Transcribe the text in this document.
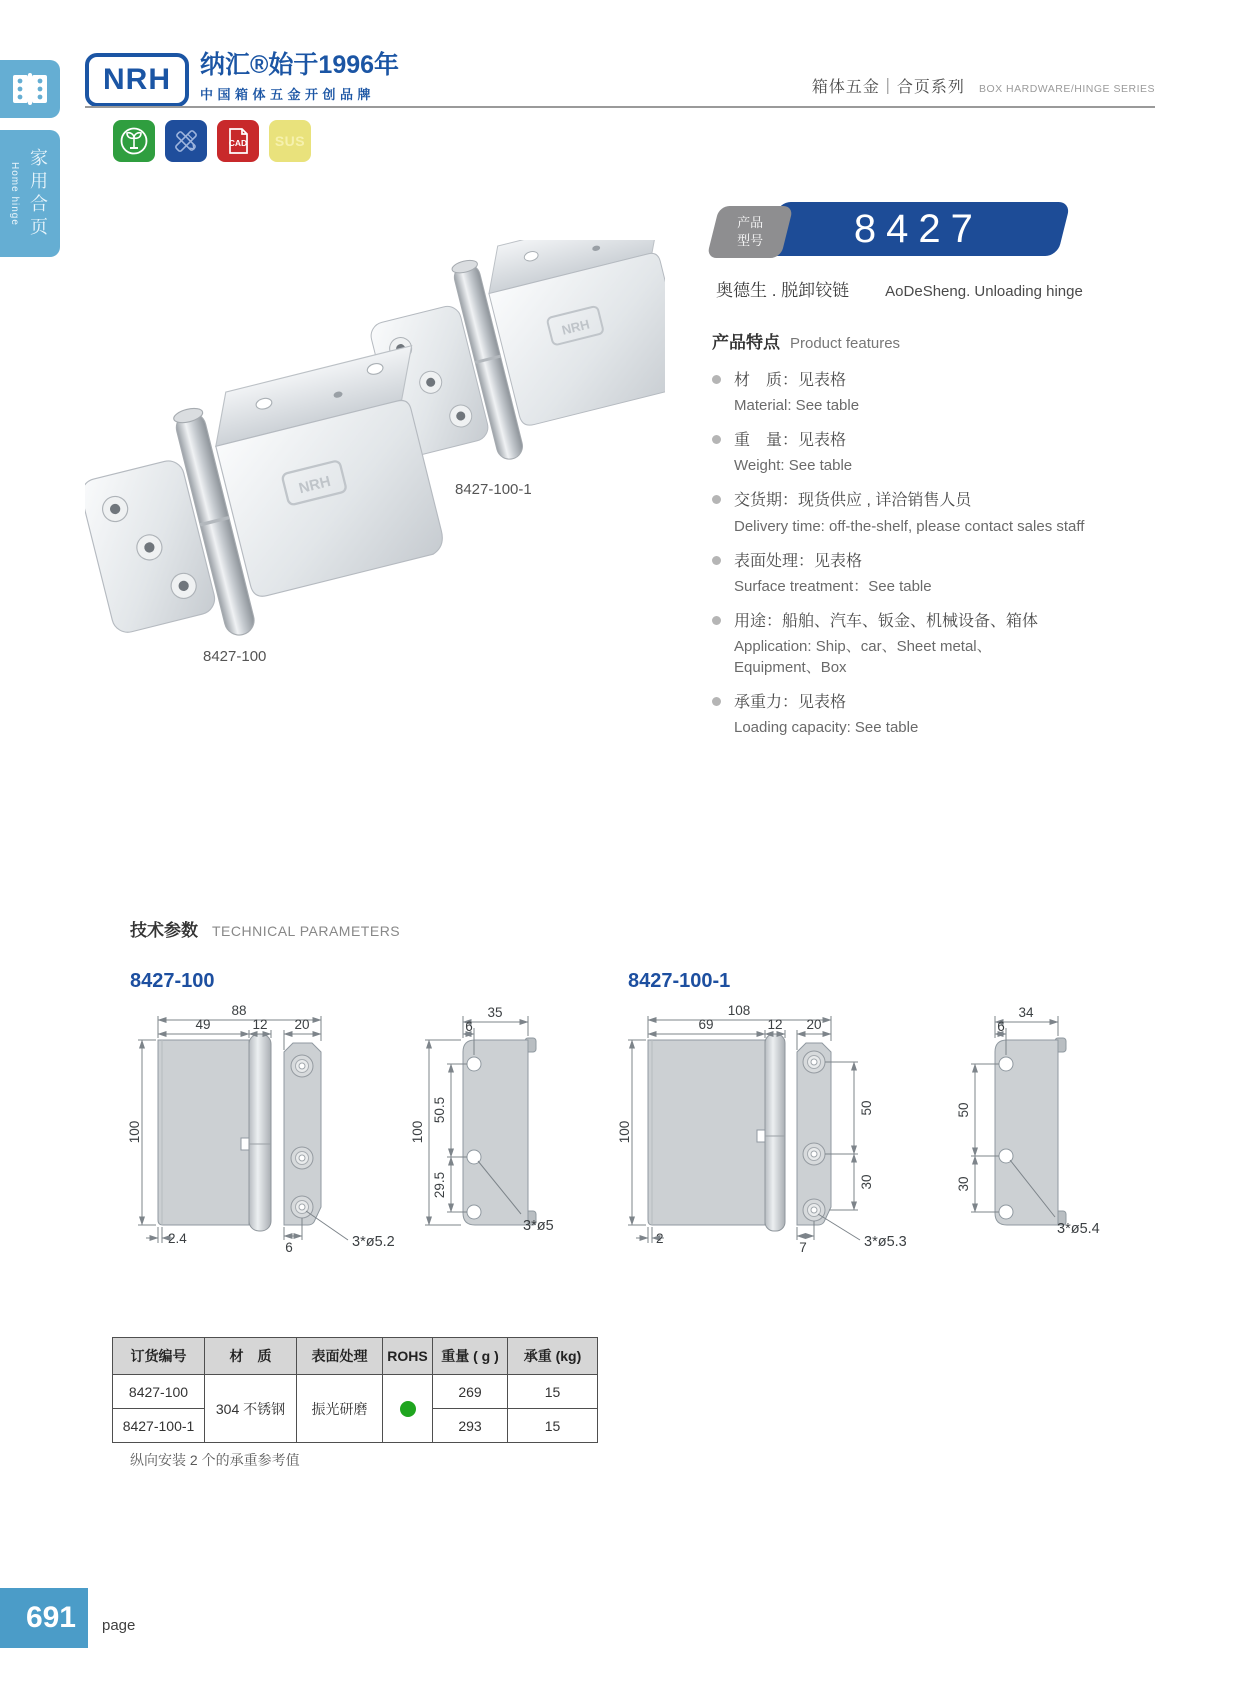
Home hinge 家用合页
NRH	纳汇®始于1996年
中国箱体五金开创品牌	箱体五金｜合页系列 BOX HARDWARE/HINGE SERIES
CAD SUS
NRH
NRH	8427-100-1
8427-100
产品
型号 8427
奥德生 . 脱卸铰链 AoDeSheng. Unloading hinge
产品特点 Product features
材　质：见表格
Material: See table
重　量：见表格
Weight: See table
交货期：现货供应 , 详洽销售人员
Delivery time: off-the-shelf, please contact sales staff
表面处理：见表格
Surface treatment：See table
用途：船舶、汽车、钣金、机械设备、箱体
Application: Ship、car、Sheet metal、Equipment、Box
承重力：见表格
Loading capacity: See table
技术参数 TECHNICAL PARAMETERS
8427-100	8427-100-1
88
49	12 20
100
2.4
6	3*ø5.2
35
6
100
50.5
29.5
3*ø5
108
69	12 20
100
50
30
2
7	3*ø5.3
34
6
50
30
3*ø5.4
订货编号	材　质	表面处理	ROHS	重量 ( g )	承重 (kg)
8427-100	304 不锈钢	振光研磨		269	15
8427-100-1				293	15
纵向安装 2 个的承重参考值
691	page
